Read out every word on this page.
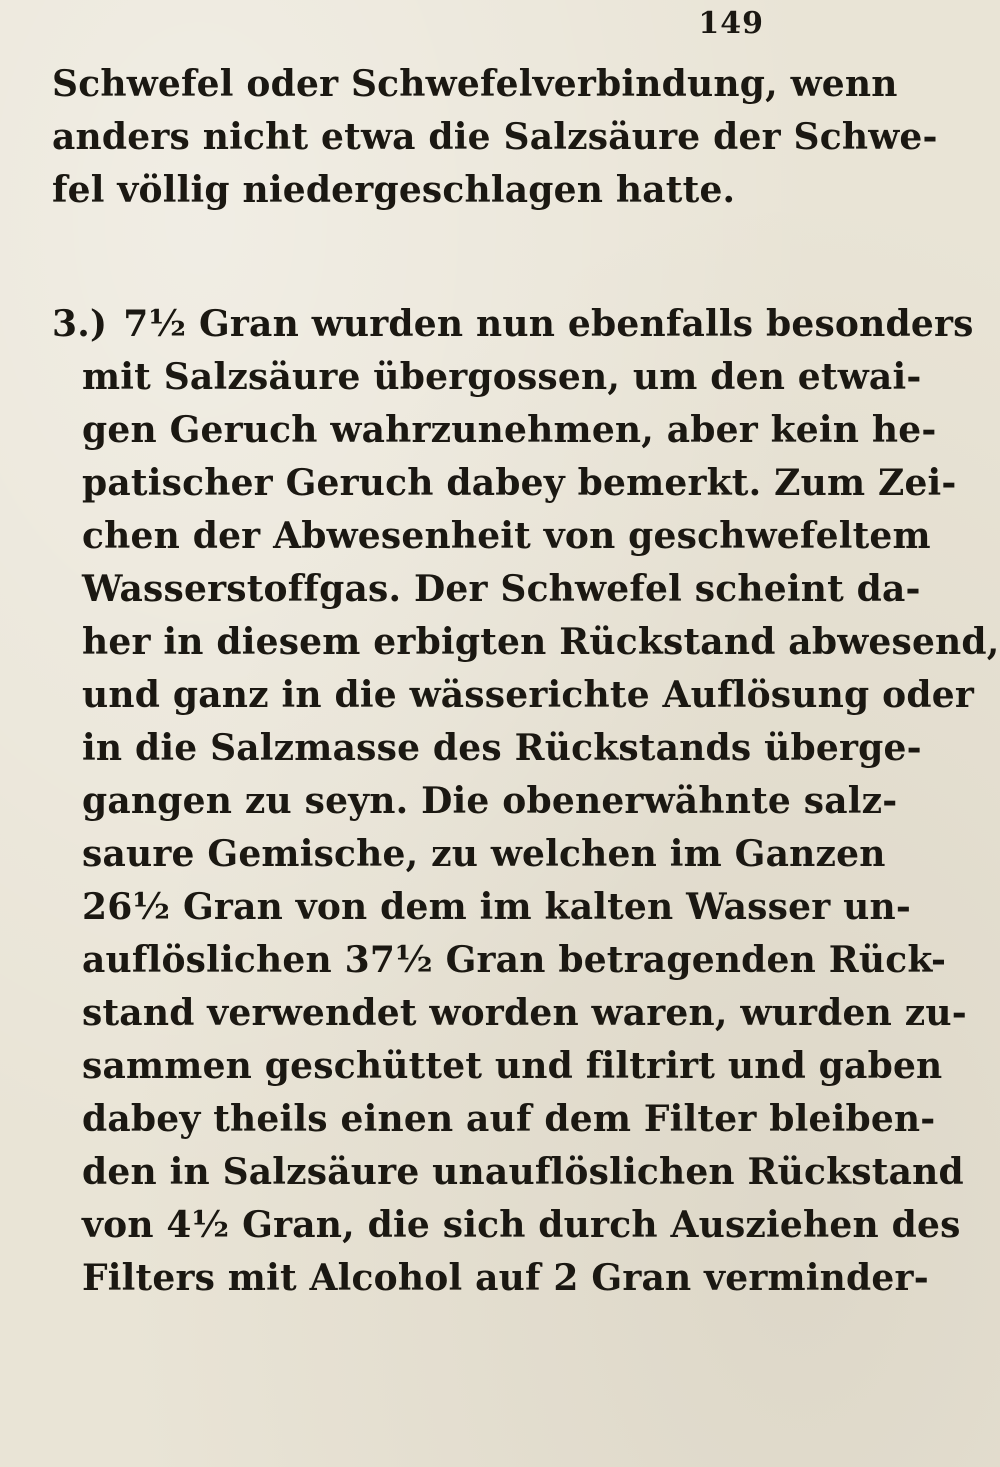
149
Schwefel oder Schwefelverbindung, wenn
anders nicht etwa die Salzsäure der Schwe-
fel völlig niedergeschlagen hatte.
3.) 7½ Gran wurden nun ebenfalls besonders
mit Salzsäure übergossen, um den etwai-
gen Geruch wahrzunehmen, aber kein he-
patischer Geruch dabey bemerkt. Zum Zei-
chen der Abwesenheit von geschwefeltem
Wasserstoffgas. Der Schwefel scheint da-
her in diesem erbigten Rückstand abwesend,
und ganz in die wässerichte Auflösung oder
in die Salzmasse des Rückstands überge-
gangen zu seyn. Die obenerwähnte salz-
saure Gemische, zu welchen im Ganzen
26½ Gran von dem im kalten Wasser un-
auflöslichen 37½ Gran betragenden Rück-
stand verwendet worden waren, wurden zu-
sammen geschüttet und filtrirt und gaben
dabey theils einen auf dem Filter bleiben-
den in Salzsäure unauflöslichen Rückstand
von 4½ Gran, die sich durch Ausziehen des
Filters mit Alcohol auf 2 Gran verminder-
